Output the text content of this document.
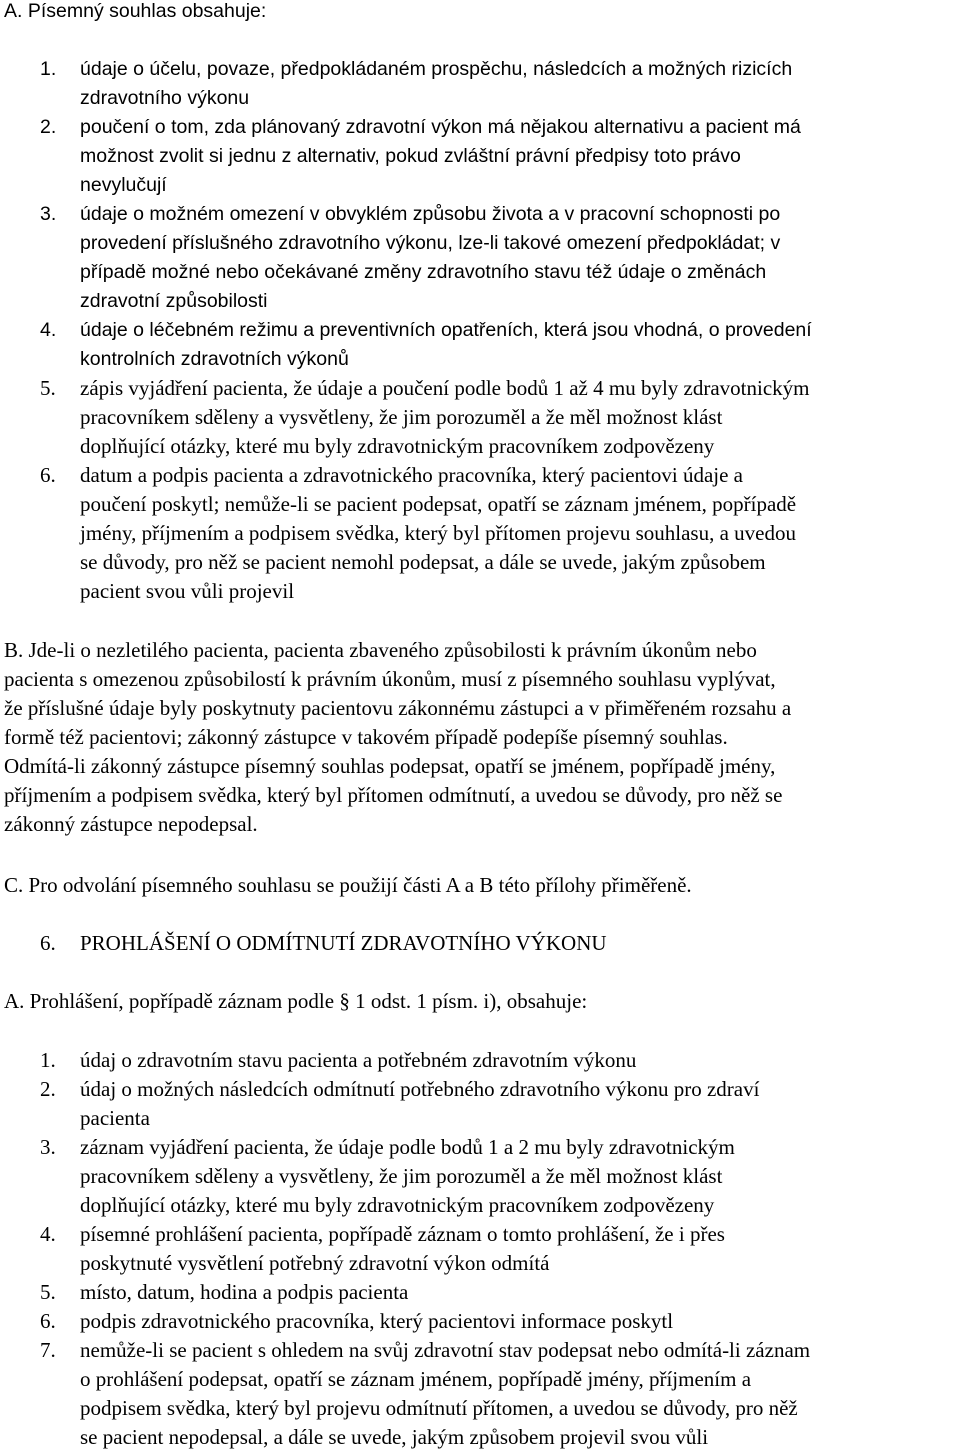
A. Písemný souhlas obsahuje:
1. údaje o účelu, povaze, předpokládaném prospěchu, následcích a možných rizicích
zdravotního výkonu
2. poučení o tom, zda plánovaný zdravotní výkon má nějakou alternativu a pacient má
možnost zvolit si jednu z alternativ, pokud zvláštní právní předpisy toto právo
nevylučují
3. údaje o možném omezení v obvyklém způsobu života a v pracovní schopnosti po
provedení příslušného zdravotního výkonu, lze-li takové omezení předpokládat; v
případě možné nebo očekávané změny zdravotního stavu též údaje o změnách
zdravotní způsobilosti
4. údaje o léčebném režimu a preventivních opatřeních, která jsou vhodná, o provedení
kontrolních zdravotních výkonů
5. zápis vyjádření pacienta, že údaje a poučení podle bodů 1 až 4 mu byly zdravotnickým
pracovníkem sděleny a vysvětleny, že jim porozuměl a že měl možnost klást
doplňující otázky, které mu byly zdravotnickým pracovníkem zodpovězeny
6. datum a podpis pacienta a zdravotnického pracovníka, který pacientovi údaje a
poučení poskytl; nemůže-li se pacient podepsat, opatří se záznam jménem, popřípadě
jmény, příjmením a podpisem svědka, který byl přítomen projevu souhlasu, a uvedou
se důvody, pro něž se pacient nemohl podepsat, a dále se uvede, jakým způsobem
pacient svou vůli projevil
B. Jde-li o nezletilého pacienta, pacienta zbaveného způsobilosti k právním úkonům nebo
pacienta s omezenou způsobilostí k právním úkonům, musí z písemného souhlasu vyplývat,
že příslušné údaje byly poskytnuty pacientovu zákonnému zástupci a v přiměřeném rozsahu a
formě též pacientovi; zákonný zástupce v takovém případě podepíše písemný souhlas.
Odmítá-li zákonný zástupce písemný souhlas podepsat, opatří se jménem, popřípadě jmény,
příjmením a podpisem svědka, který byl přítomen odmítnutí, a uvedou se důvody, pro něž se
zákonný zástupce nepodepsal.
C. Pro odvolání písemného souhlasu se použijí části A a B této přílohy přiměřeně.
6. PROHLÁŠENÍ O ODMÍTNUTÍ ZDRAVOTNÍHO VÝKONU
A. Prohlášení, popřípadě záznam podle § 1 odst. 1 písm. i), obsahuje:
1. údaj o zdravotním stavu pacienta a potřebném zdravotním výkonu
2. údaj o možných následcích odmítnutí potřebného zdravotního výkonu pro zdraví
pacienta
3. záznam vyjádření pacienta, že údaje podle bodů 1 a 2 mu byly zdravotnickým
pracovníkem sděleny a vysvětleny, že jim porozuměl a že měl možnost klást
doplňující otázky, které mu byly zdravotnickým pracovníkem zodpovězeny
4. písemné prohlášení pacienta, popřípadě záznam o tomto prohlášení, že i přes
poskytnuté vysvětlení potřebný zdravotní výkon odmítá
5. místo, datum, hodina a podpis pacienta
6. podpis zdravotnického pracovníka, který pacientovi informace poskytl
7. nemůže-li se pacient s ohledem na svůj zdravotní stav podepsat nebo odmítá-li záznam
o prohlášení podepsat, opatří se záznam jménem, popřípadě jmény, příjmením a
podpisem svědka, který byl projevu odmítnutí přítomen, a uvedou se důvody, pro něž
se pacient nepodepsal, a dále se uvede, jakým způsobem projevil svou vůli
